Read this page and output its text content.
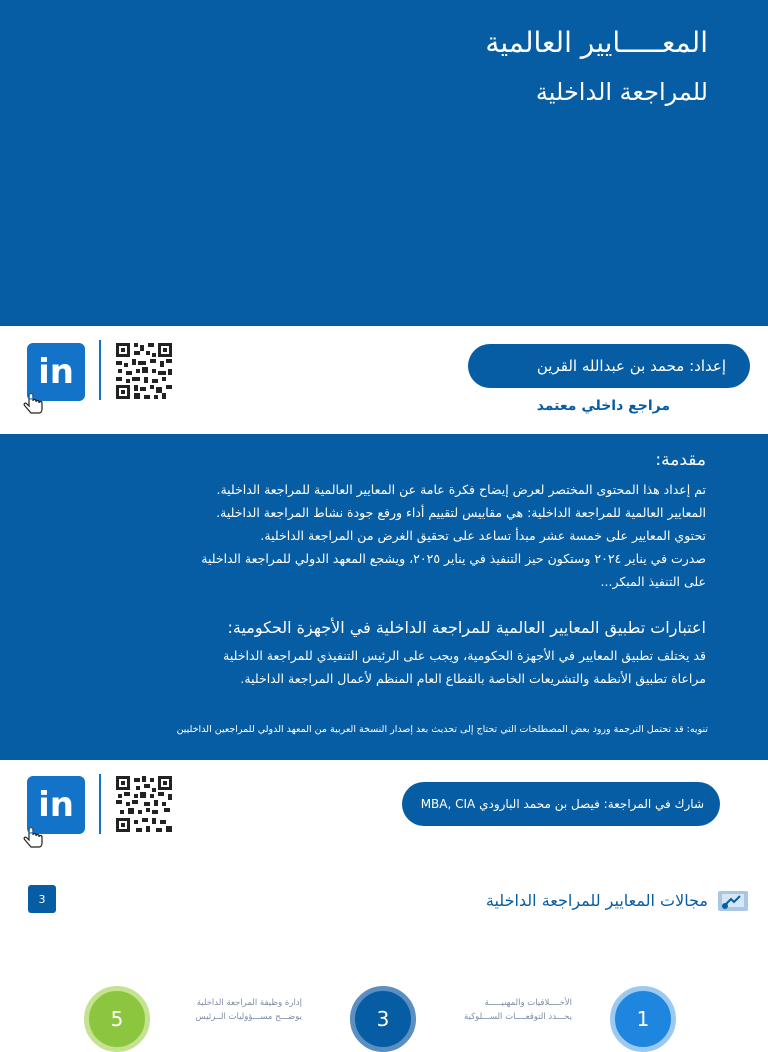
المعـــــايير العالمية
للمراجعة الداخلية
in	إعداد: محمد بن عبدالله القرين
مراجع داخلي معتمد
مقدمة:
تم إعداد هذا المحتوى المختصر لعرض إيضاح فكرة عامة عن المعايير العالمية للمراجعة الداخلية.
المعايير العالمية للمراجعة الداخلية: هي مقاييس لتقييم أداء ورفع جودة نشاط المراجعة الداخلية.
تحتوي المعايير على خمسة عشر مبدأ تساعد على تحقيق الغرض من المراجعة الداخلية.
صدرت في يناير ٢٠٢٤ وستكون حيز التنفيذ في يناير ٢٠٢٥، ويشجع المعهد الدولي للمراجعة الداخلية
على التنفيذ المبكر...
اعتبارات تطبيق المعايير العالمية للمراجعة الداخلية في الأجهزة الحكومية:
قد يختلف تطبيق المعايير في الأجهزة الحكومية، ويجب على الرئيس التنفيذي للمراجعة الداخلية
مراعاة تطبيق الأنظمة والتشريعات الخاصة بالقطاع العام المنظم لأعمال المراجعة الداخلية.
تنويه: قد تحتمل الترجمة ورود بعض المصطلحات التي تحتاج إلى تحديث بعد إصدار النسخة العربية من المعهد الدولي للمراجعين الداخليين
in	شارك في المراجعة: فيصل بن محمد البارودي MBA, CIA
3	مجالات المعايير للمراجعة الداخلية
5
إدارة وظيفة المراجعة الداخلية
يوضـــح مســـؤوليات الــرئيس	3
الأخــــلاقيات والمهنيـــــة
يحـــدد التوقعــــات الســـلوكية	1
